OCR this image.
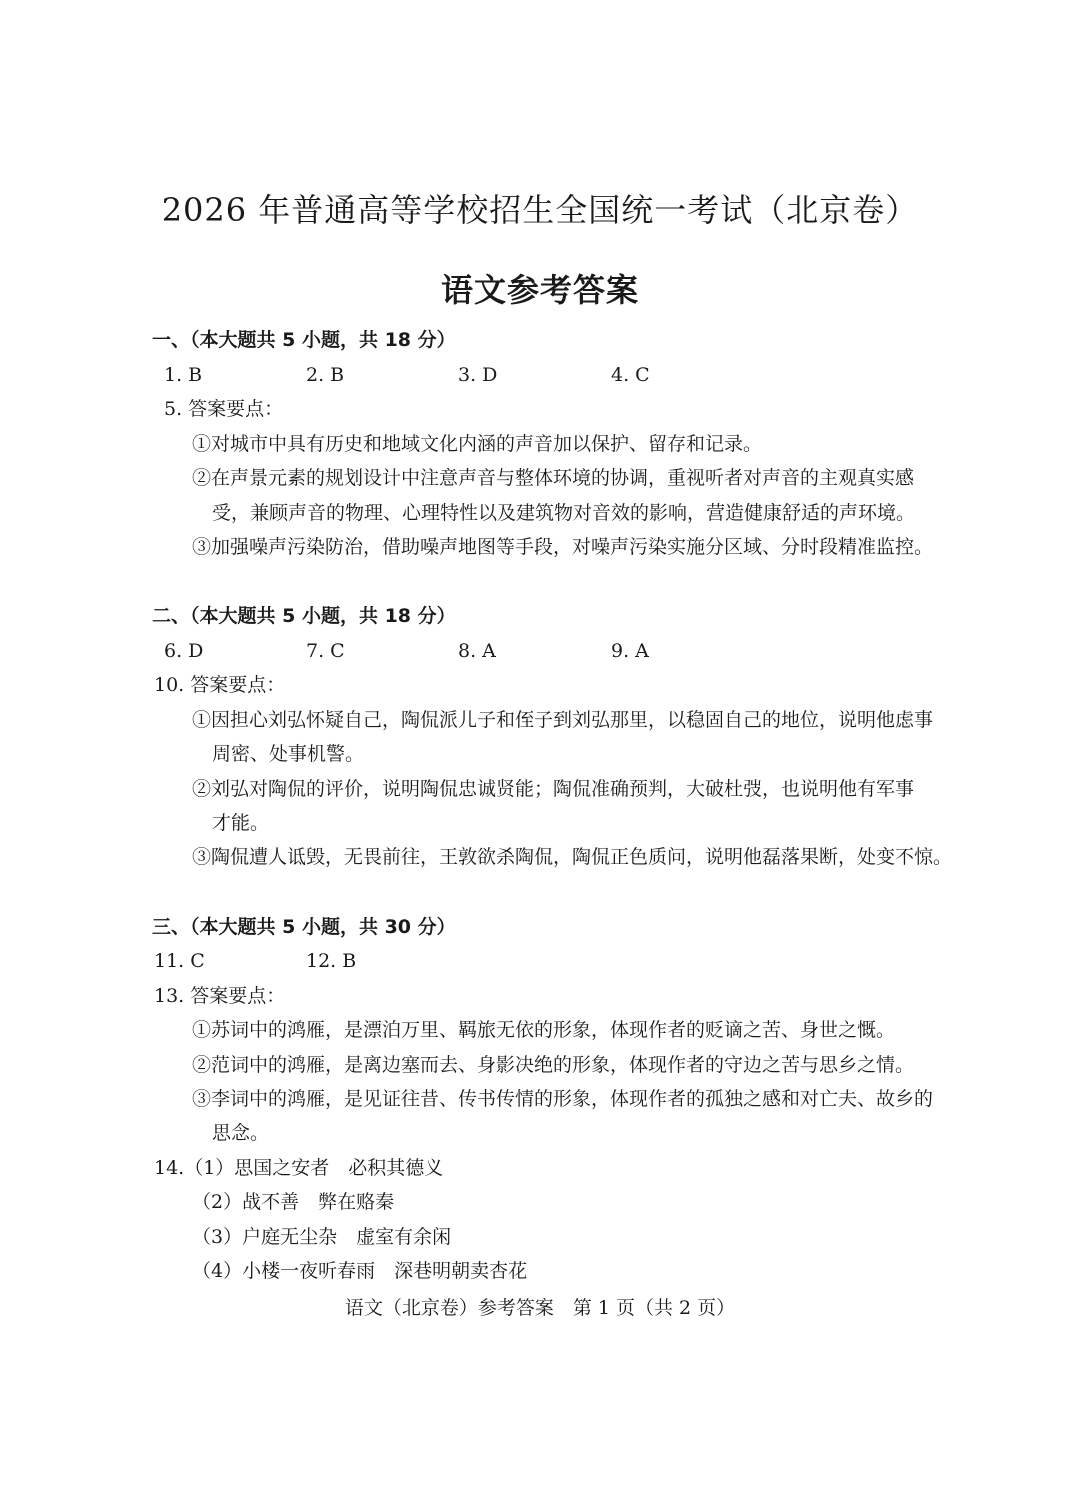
2026 年普通高等学校招生全国统一考试（北京卷）
语文参考答案
一、（本大题共 5 小题，共 18 分）
1. B	2. B	3. D	4. C
5. 答案要点：
①对城市中具有历史和地域文化内涵的声音加以保护、留存和记录。
②在声景元素的规划设计中注意声音与整体环境的协调，重视听者对声音的主观真实感
受，兼顾声音的物理、心理特性以及建筑物对音效的影响，营造健康舒适的声环境。
③加强噪声污染防治，借助噪声地图等手段，对噪声污染实施分区域、分时段精准监控。
二、（本大题共 5 小题，共 18 分）
6. D	7. C	8. A	9. A
10. 答案要点：
①因担心刘弘怀疑自己，陶侃派儿子和侄子到刘弘那里，以稳固自己的地位，说明他虑事
周密、处事机警。
②刘弘对陶侃的评价，说明陶侃忠诚贤能；陶侃准确预判，大破杜弢，也说明他有军事
才能。
③陶侃遭人诋毁，无畏前往，王敦欲杀陶侃，陶侃正色质问，说明他磊落果断，处变不惊。
三、（本大题共 5 小题，共 30 分）
11. C	12. B
13. 答案要点：
①苏词中的鸿雁，是漂泊万里、羁旅无依的形象，体现作者的贬谪之苦、身世之慨。
②范词中的鸿雁，是离边塞而去、身影决绝的形象，体现作者的守边之苦与思乡之情。
③李词中的鸿雁，是见证往昔、传书传情的形象，体现作者的孤独之感和对亡夫、故乡的
思念。
14.（1）思国之安者　必积其德义
（2）战不善　弊在赂秦
（3）户庭无尘杂　虚室有余闲
（4）小楼一夜听春雨　深巷明朝卖杏花
语文（北京卷）参考答案　第 1 页（共 2 页）
